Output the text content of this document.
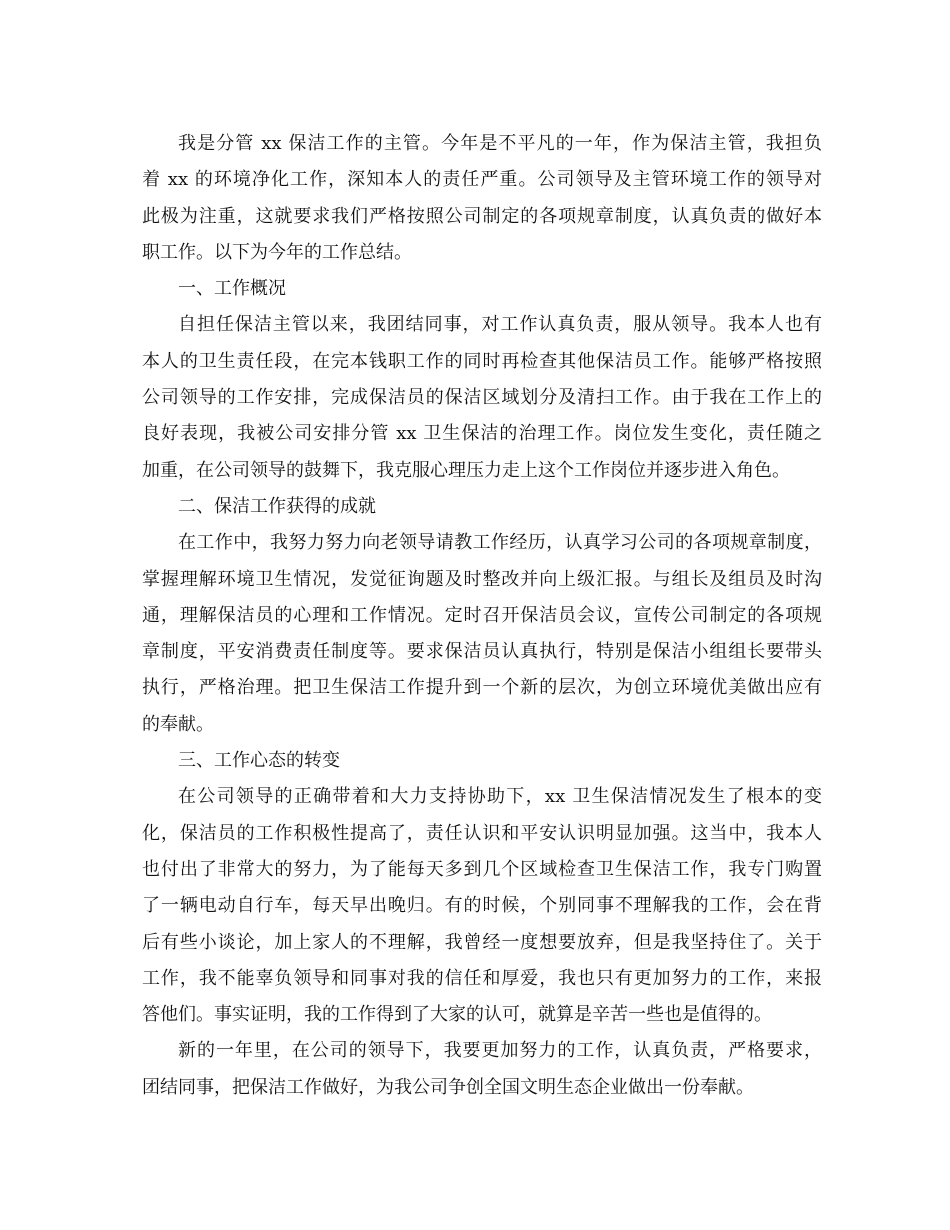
我是分管 xx 保洁工作的主管。今年是不平凡的一年，作为保洁主管，我担负
着 xx 的环境净化工作，深知本人的责任严重。公司领导及主管环境工作的领导对
此极为注重，这就要求我们严格按照公司制定的各项规章制度，认真负责的做好本
职工作。以下为今年的工作总结。
一、工作概况
自担任保洁主管以来，我团结同事，对工作认真负责，服从领导。我本人也有
本人的卫生责任段，在完本钱职工作的同时再检查其他保洁员工作。能够严格按照
公司领导的工作安排，完成保洁员的保洁区域划分及清扫工作。由于我在工作上的
良好表现，我被公司安排分管 xx 卫生保洁的治理工作。岗位发生变化，责任随之
加重，在公司领导的鼓舞下，我克服心理压力走上这个工作岗位并逐步进入角色。
二、保洁工作获得的成就
在工作中，我努力努力向老领导请教工作经历，认真学习公司的各项规章制度，
掌握理解环境卫生情况，发觉征询题及时整改并向上级汇报。与组长及组员及时沟
通，理解保洁员的心理和工作情况。定时召开保洁员会议，宣传公司制定的各项规
章制度，平安消费责任制度等。要求保洁员认真执行，特别是保洁小组组长要带头
执行，严格治理。把卫生保洁工作提升到一个新的层次，为创立环境优美做出应有
的奉献。
三、工作心态的转变
在公司领导的正确带着和大力支持协助下，xx 卫生保洁情况发生了根本的变
化，保洁员的工作积极性提高了，责任认识和平安认识明显加强。这当中，我本人
也付出了非常大的努力，为了能每天多到几个区域检查卫生保洁工作，我专门购置
了一辆电动自行车，每天早出晚归。有的时候，个别同事不理解我的工作，会在背
后有些小谈论，加上家人的不理解，我曾经一度想要放弃，但是我坚持住了。关于
工作，我不能辜负领导和同事对我的信任和厚爱，我也只有更加努力的工作，来报
答他们。事实证明，我的工作得到了大家的认可，就算是辛苦一些也是值得的。
新的一年里，在公司的领导下，我要更加努力的工作，认真负责，严格要求，
团结同事，把保洁工作做好，为我公司争创全国文明生态企业做出一份奉献。
